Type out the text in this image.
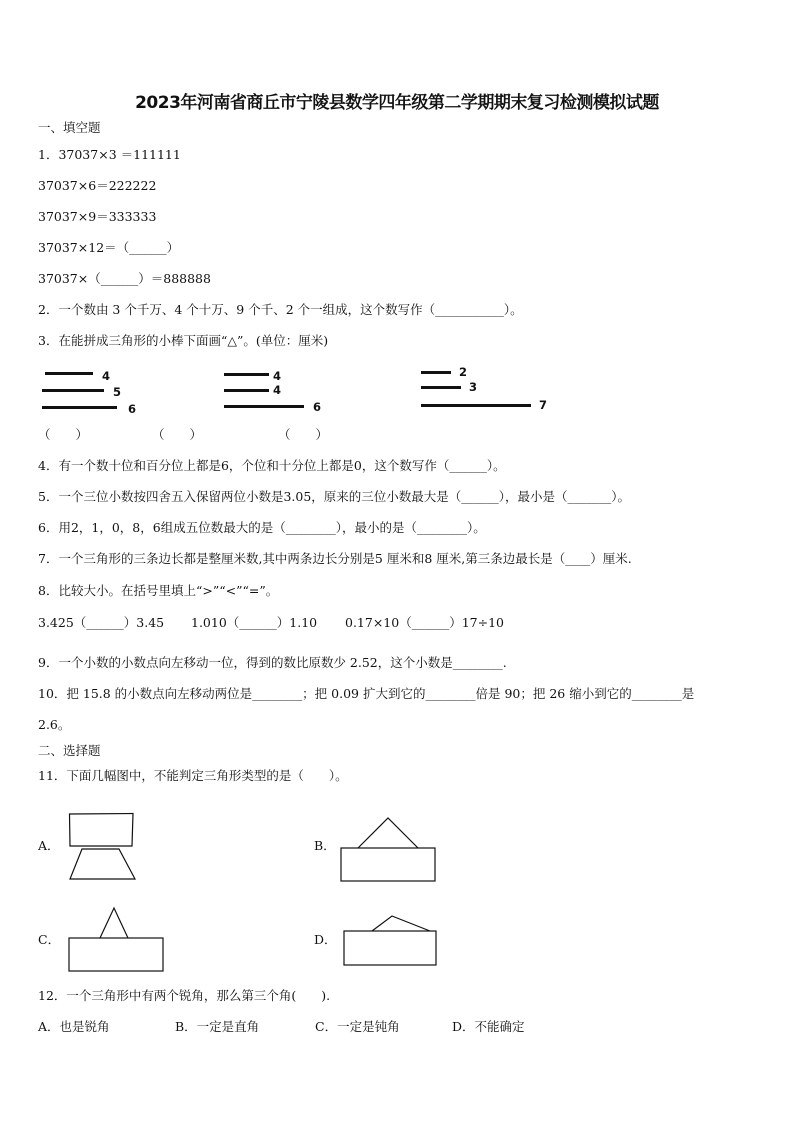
2023年河南省商丘市宁陵县数学四年级第二学期期末复习检测模拟试题
一、填空题
1．37037×3 ＝111111
37037×6＝222222
37037×9＝333333
37037×12＝（______）
37037×（______）＝888888
2．一个数由 3 个千万、4 个十万、9 个千、2 个一组成，这个数写作（___________）。
3．在能拼成三角形的小棒下面画“△”。(单位：厘米)
4
5
6
4
4
6
2
3
7
（　　）	（　　）	（　　）
4．有一个数十位和百分位上都是6，个位和十分位上都是0，这个数写作（______）。
5．一个三位小数按四舍五入保留两位小数是3.05，原来的三位小数最大是（______），最小是（_______）。
6．用2，1，0，8，6组成五位数最大的是（________），最小的是（________）。
7．一个三角形的三条边长都是整厘米数,其中两条边长分别是5 厘米和8 厘米,第三条边最长是（____）厘米.
8．比较大小。在括号里填上“>”“<”“=”。
3.425（______）3.45 1.010（______）1.10 0.17×10（______）17÷10
9．一个小数的小数点向左移动一位，得到的数比原数少 2.52，这个小数是________.
10．把 15.8 的小数点向左移动两位是________；把 0.09 扩大到它的________倍是 90；把 26 缩小到它的________是
2.6。
二、选择题
11．下面几幅图中，不能判定三角形类型的是（　　）。
A．	B．
C．	D．
12．一个三角形中有两个锐角，那么第三个角(　　).
A．也是锐角	B．一定是直角	C．一定是钝角	D．不能确定
